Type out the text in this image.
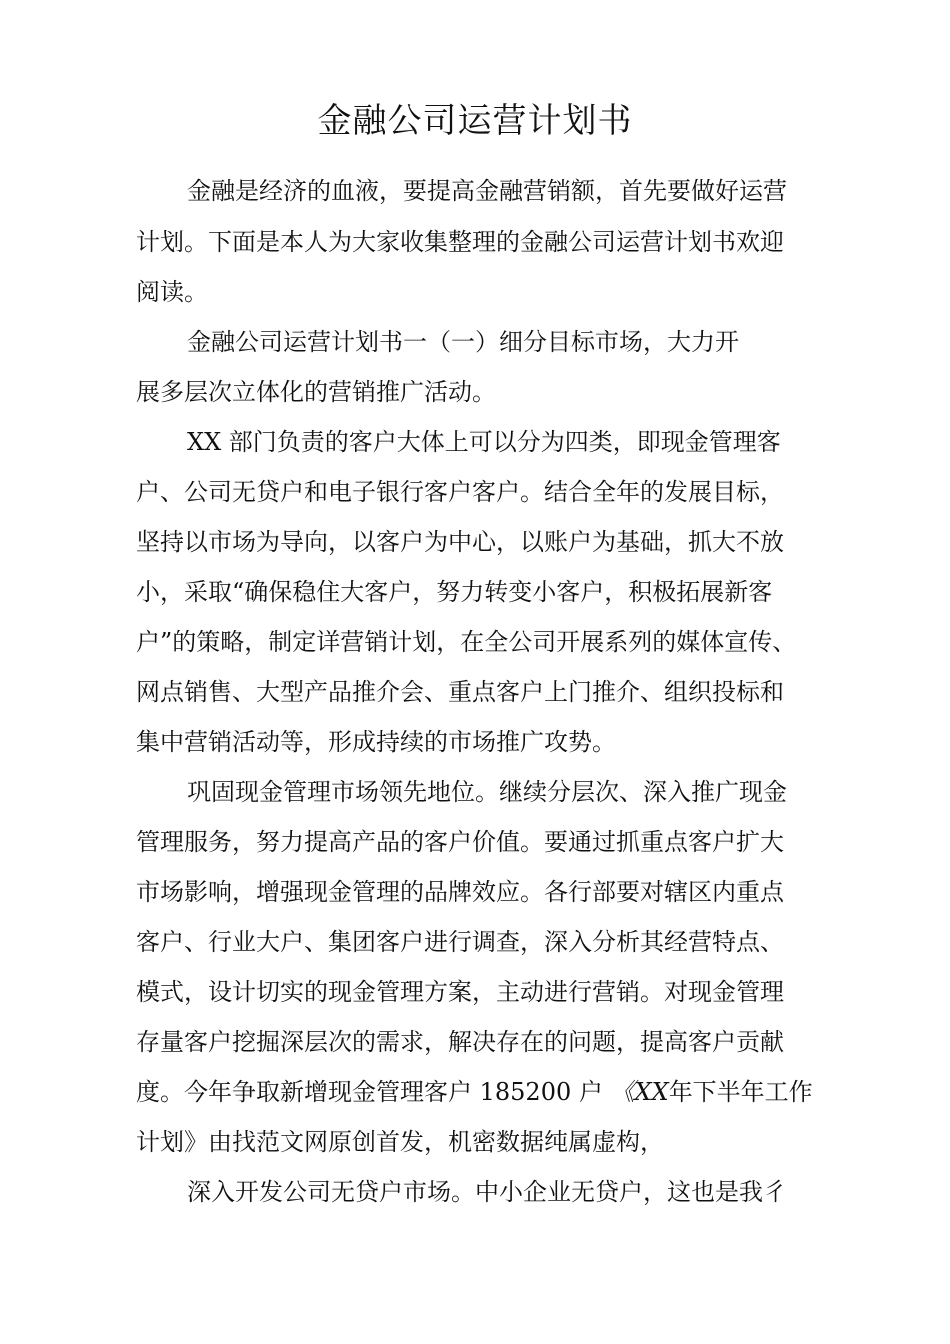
金融公司运营计划书

金融是经济的血液，要提高金融营销额，首先要做好运营

计划。下面是本人为大家收集整理的金融公司运营计划书欢迎

阅读。

金融公司运营计划书一（一）细分目标市场，大力开

展多层次立体化的营销推广活动。

XX 部门负责的客户大体上可以分为四类，即现金管理客

户、公司无贷户和电子银行客户客户。结合全年的发展目标，

坚持以市场为导向，以客户为中心，以账户为基础，抓大不放

小，采取“确保稳住大客户，努力转变小客户，积极拓展新客

户”的策略，制定详营销计划，在全公司开展系列的媒体宣传、

网点销售、大型产品推介会、重点客户上门推介、组织投标和

集中营销活动等，形成持续的市场推广攻势。

巩固现金管理市场领先地位。继续分层次、深入推广现金

管理服务，努力提高产品的客户价值。要通过抓重点客户扩大

市场影响，增强现金管理的品牌效应。各行部要对辖区内重点

客户、行业大户、集团客户进行调查，深入分析其经营特点、

模式，设计切实的现金管理方案，主动进行营销。对现金管理

存量客户挖掘深层次的需求，解决存在的问题，提高客户贡献

度。今年争取新增现金管理客户 185200 户 《XX年下半年工作

计划》由找范文网原创首发，机密数据纯属虚构，

深入开发公司无贷户市场。中小企业无贷户，这也是我彳
